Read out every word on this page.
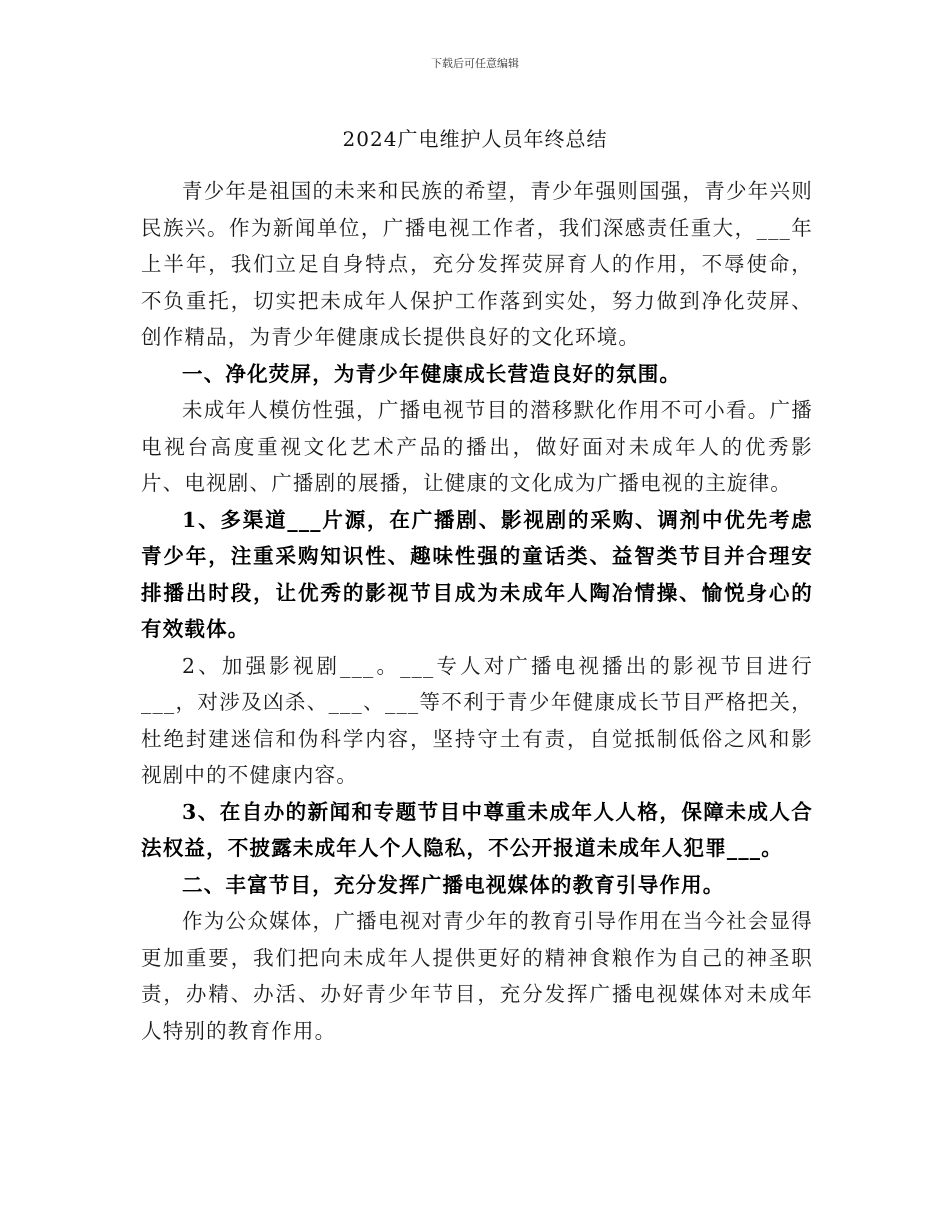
下载后可任意编辑
2024广电维护人员年终总结

青少年是祖国的未来和民族的希望，青少年强则国强，青少年兴则民族兴。作为新闻单位，广播电视工作者，我们深感责任重大，___年上半年，我们立足自身特点，充分发挥荧屏育人的作用，不辱使命，不负重托，切实把未成年人保护工作落到实处，努力做到净化荧屏、创作精品，为青少年健康成长提供良好的文化环境。

一、净化荧屏，为青少年健康成长营造良好的氛围。

未成年人模仿性强，广播电视节目的潜移默化作用不可小看。广播电视台高度重视文化艺术产品的播出，做好面对未成年人的优秀影片、电视剧、广播剧的展播，让健康的文化成为广播电视的主旋律。

1、多渠道___片源，在广播剧、影视剧的采购、调剂中优先考虑青少年，注重采购知识性、趣味性强的童话类、益智类节目并合理安排播出时段，让优秀的影视节目成为未成年人陶冶情操、愉悦身心的有效载体。

2、加强影视剧___。___专人对广播电视播出的影视节目进行___，对涉及凶杀、___、___等不利于青少年健康成长节目严格把关，杜绝封建迷信和伪科学内容，坚持守土有责，自觉抵制低俗之风和影视剧中的不健康内容。

3、在自办的新闻和专题节目中尊重未成年人人格，保障未成人合法权益，不披露未成年人个人隐私，不公开报道未成年人犯罪___。

二、丰富节目，充分发挥广播电视媒体的教育引导作用。

作为公众媒体，广播电视对青少年的教育引导作用在当今社会显得更加重要，我们把向未成年人提供更好的精神食粮作为自己的神圣职责，办精、办活、办好青少年节目，充分发挥广播电视媒体对未成年人特别的教育作用。
